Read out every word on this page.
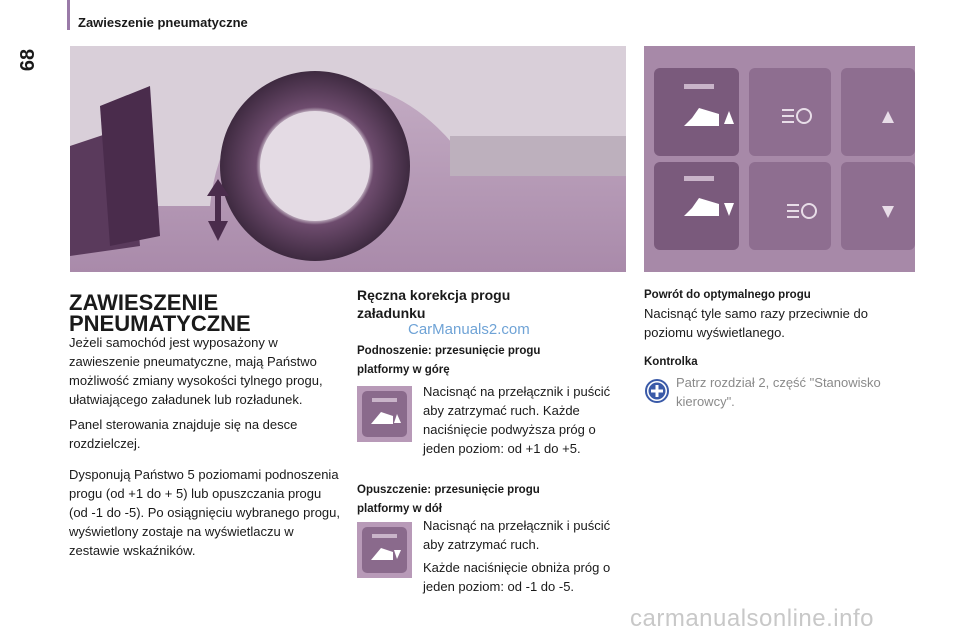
68
Zawieszenie pneumatyczne
ZAWIESZENIE
PNEUMATYCZNE
Jeżeli samochód jest wyposażony w zawieszenie pneumatyczne, mają Państwo możliwość zmiany wysokości tylnego progu, ułatwiającego załadunek lub rozładunek.
Panel sterowania znajduje się na desce rozdzielczej.
Dysponują Państwo 5 poziomami podnoszenia progu (od +1 do + 5) lub opuszczania progu (od -1 do -5). Po osiągnięciu wybranego progu, wyświetlony zostaje na wyświetlaczu w zestawie wskaźników.
Ręczna korekcja progu
załadunku
CarManuals2.com
Podnoszenie: przesunięcie progu
platformy w górę
Nacisnąć na przełącznik i puścić aby zatrzymać ruch. Każde naciśnięcie podwyższa próg o jeden poziom: od +1 do +5.
Opuszczenie: przesunięcie progu
platformy w dół
Nacisnąć na przełącznik i puścić aby zatrzymać ruch.
Każde naciśnięcie obniża próg o jeden poziom: od -1 do -5.
Powrót do optymalnego progu
Nacisnąć tyle samo razy przeciwnie do poziomu wyświetlanego.
Kontrolka
Patrz rozdział 2, część "Stanowisko kierowcy".
carmanualsonline.info
